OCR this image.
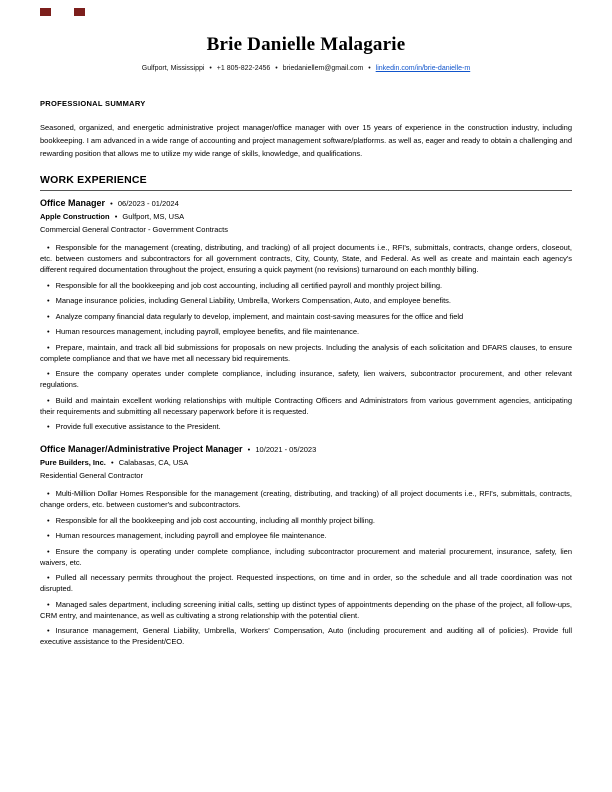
Brie Danielle Malagarie
Gulfport, Mississippi • +1 805-822-2456 • briedaniellem@gmail.com • linkedin.com/in/brie-danielle-m
PROFESSIONAL SUMMARY

Seasoned, organized, and energetic administrative project manager/office manager with over 15 years of experience in the construction industry, including bookkeeping. I am advanced in a wide range of accounting and project management software/platforms. as well as, eager and ready to obtain a challenging and rewarding position that allows me to utilize my wide range of skills, knowledge, and qualifications.

WORK EXPERIENCE
Office Manager • 06/2023 - 01/2024
Apple Construction • Gulfport, MS, USA
Commercial General Contractor - Government Contracts
• Responsible for the management (creating, distributing, and tracking) of all project documents i.e., RFI's, submittals, contracts, change orders, closeout, etc. between customers and subcontractors for all government contracts, City, County, State, and Federal. As well as create and maintain each agency's different required documentation throughout the project, ensuring a quick payment (no revisions) turnaround on each monthly billing.
• Responsible for all the bookkeeping and job cost accounting, including all certified payroll and monthly project billing.
• Manage insurance policies, including General Liability, Umbrella, Workers Compensation, Auto, and employee benefits.
• Analyze company financial data regularly to develop, implement, and maintain cost-saving measures for the office and field
• Human resources management, including payroll, employee benefits, and file maintenance.
• Prepare, maintain, and track all bid submissions for proposals on new projects. Including the analysis of each solicitation and DFARS clauses, to ensure complete compliance and that we have met all necessary bid requirements.
• Ensure the company operates under complete compliance, including insurance, safety, lien waivers, subcontractor procurement, and other relevant regulations.
• Build and maintain excellent working relationships with multiple Contracting Officers and Administrators from various government agencies, anticipating their requirements and submitting all necessary paperwork before it is requested.
• Provide full executive assistance to the President.
Office Manager/Administrative Project Manager • 10/2021 - 05/2023
Pure Builders, Inc. • Calabasas, CA, USA
Residential General Contractor
• Multi-Million Dollar Homes Responsible for the management (creating, distributing, and tracking) of all project documents i.e., RFI's, submittals, contracts, change orders, etc. between customer's and subcontractors.
• Responsible for all the bookkeeping and job cost accounting, including all monthly project billing.
• Human resources management, including payroll and employee file maintenance.
• Ensure the company is operating under complete compliance, including subcontractor procurement and material procurement, insurance, safety, lien waivers, etc.
• Pulled all necessary permits throughout the project. Requested inspections, on time and in order, so the schedule and all trade coordination was not disrupted.
• Managed sales department, including screening initial calls, setting up distinct types of appointments depending on the phase of the project, all follow-ups, CRM entry, and maintenance, as well as cultivating a strong relationship with the potential client.
• Insurance management, General Liability, Umbrella, Workers' Compensation, Auto (including procurement and auditing all of policies). Provide full executive assistance to the President/CEO.
